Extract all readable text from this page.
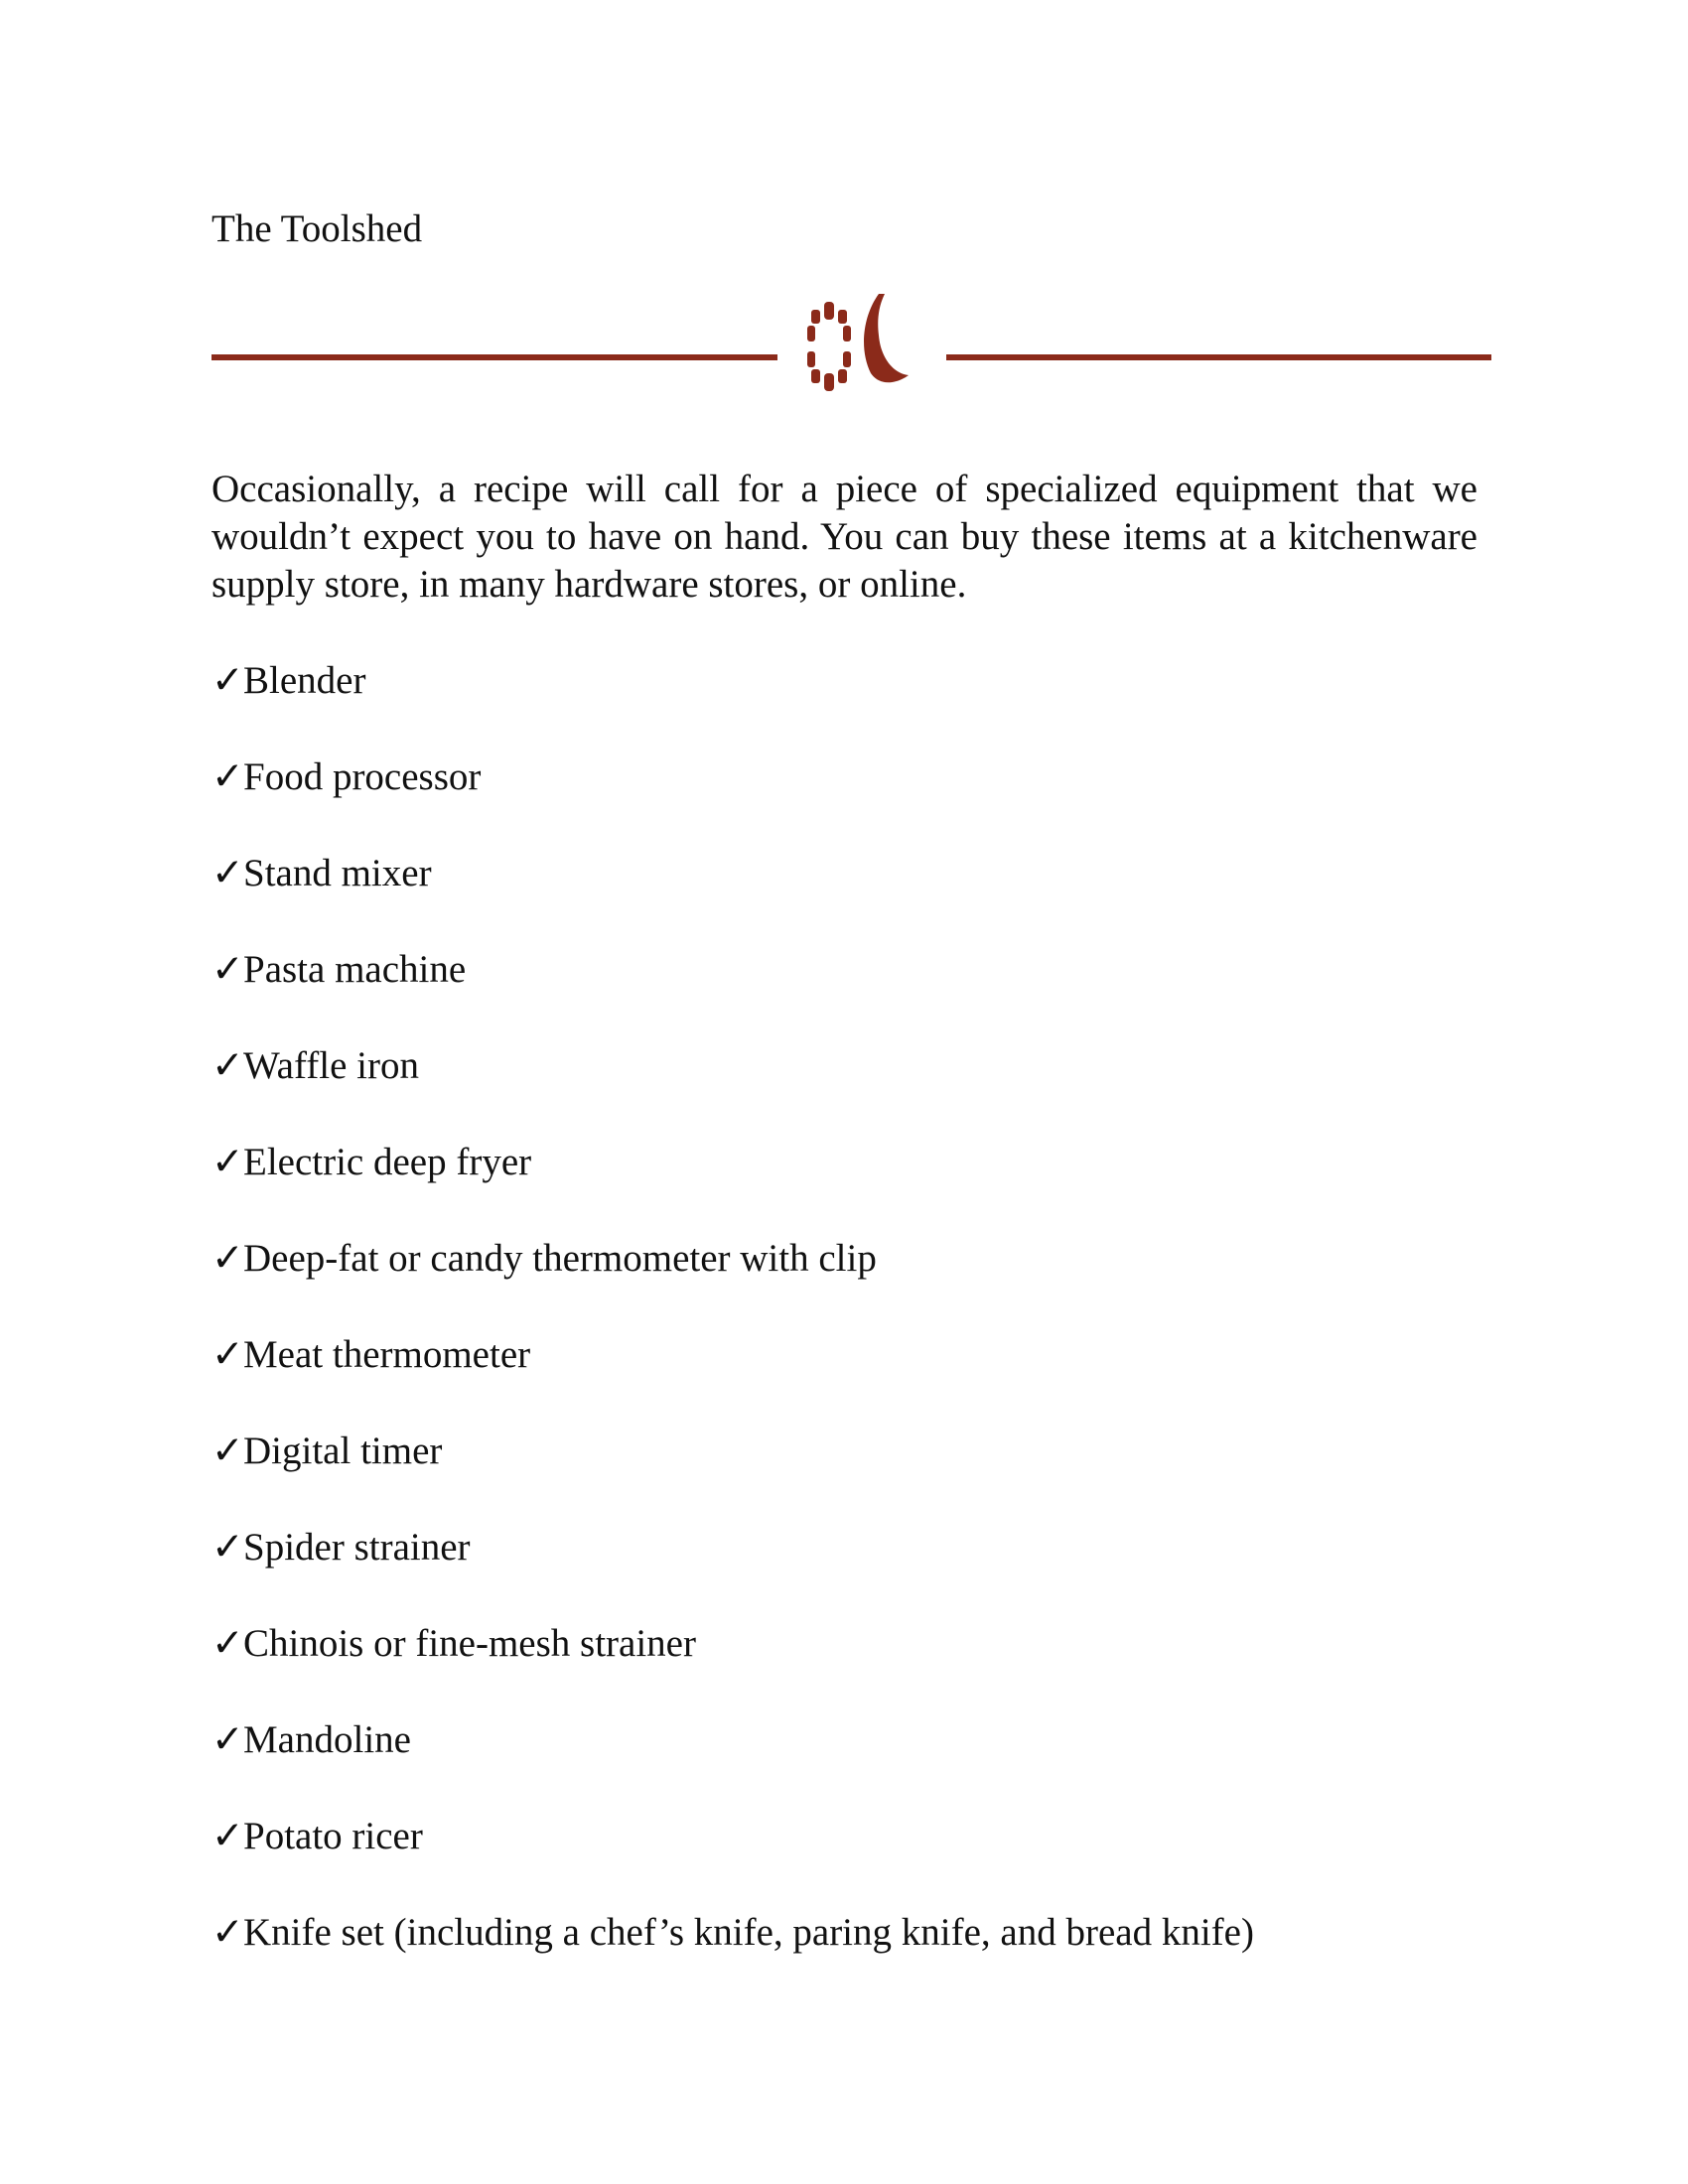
The Toolshed

Occasionally, a recipe will call for a piece of specialized equipment that we wouldn’t expect you to have on hand. You can buy these items at a kitchenware supply store, in many hardware stores, or online.

✓Blender
✓Food processor
✓Stand mixer
✓Pasta machine
✓Waffle iron
✓Electric deep fryer
✓Deep-fat or candy thermometer with clip
✓Meat thermometer
✓Digital timer
✓Spider strainer
✓Chinois or fine-mesh strainer
✓Mandoline
✓Potato ricer
✓Knife set (including a chef’s knife, paring knife, and bread knife)
